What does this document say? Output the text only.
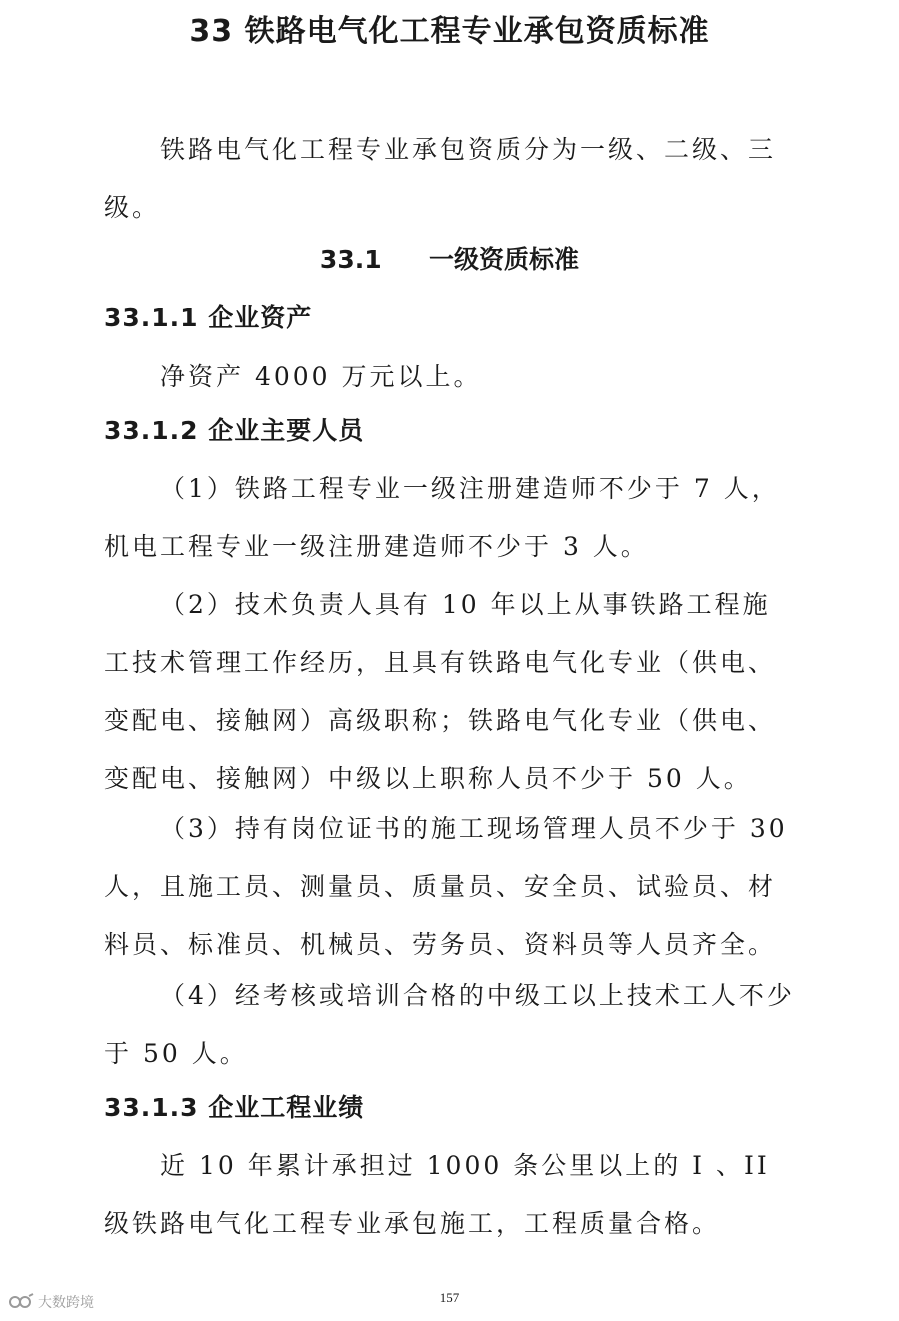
33 铁路电气化工程专业承包资质标准
铁路电气化工程专业承包资质分为一级、二级、三级。
33.1 一级资质标准
33.1.1 企业资产
净资产 4000 万元以上。
33.1.2 企业主要人员
（1）铁路工程专业一级注册建造师不少于 7 人，机电工程专业一级注册建造师不少于 3 人。
（2）技术负责人具有 10 年以上从事铁路工程施工技术管理工作经历，且具有铁路电气化专业（供电、变配电、接触网）高级职称；铁路电气化专业（供电、变配电、接触网）中级以上职称人员不少于 50 人。
（3）持有岗位证书的施工现场管理人员不少于 30 人，且施工员、测量员、质量员、安全员、试验员、材料员、标准员、机械员、劳务员、资料员等人员齐全。
（4）经考核或培训合格的中级工以上技术工人不少于 50 人。
33.1.3 企业工程业绩
近 10 年累计承担过 1000 条公里以上的 I 、II 级铁路电气化工程专业承包施工，工程质量合格。
157
大数跨境
